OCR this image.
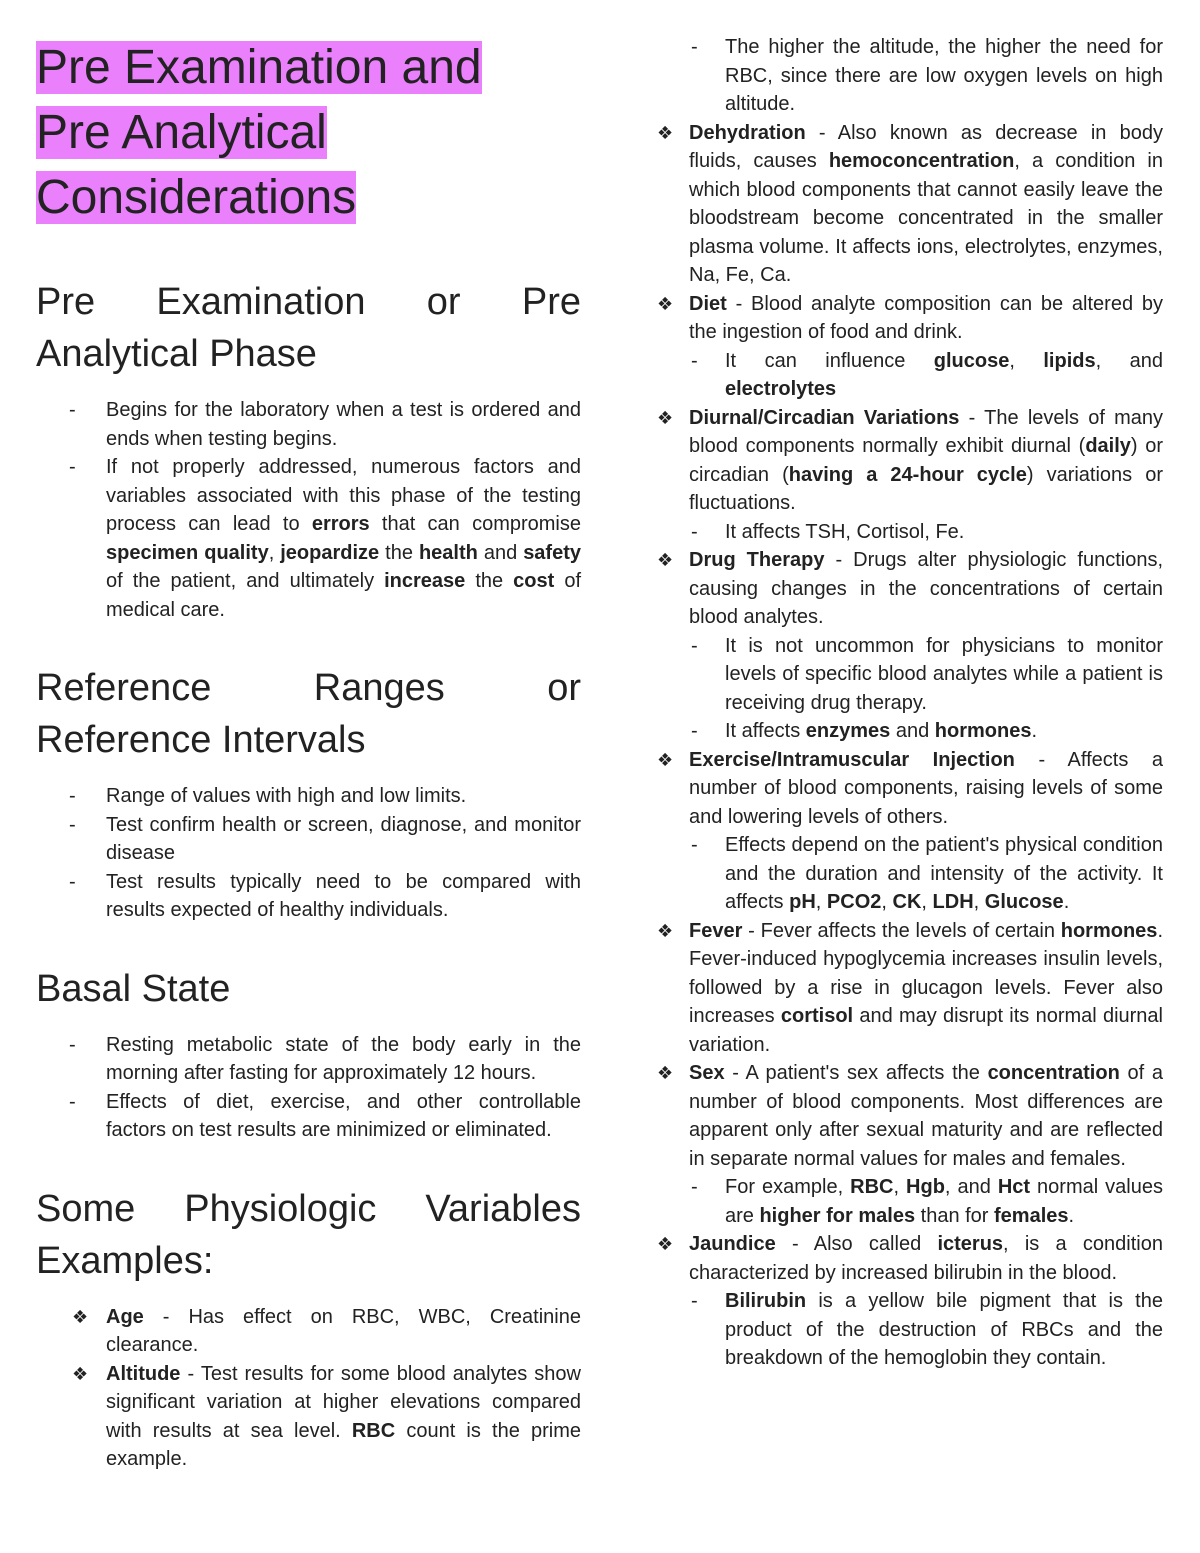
Pre Examination and
Pre Analytical
Considerations
Pre Examination or Pre
Analytical Phase
- Begins for the laboratory when a test is ordered and ends when testing begins.
- If not properly addressed, numerous factors and variables associated with this phase of the testing process can lead to errors that can compromise specimen quality, jeopardize the health and safety of the patient, and ultimately increase the cost of medical care.
Reference Ranges or
Reference Intervals
- Range of values with high and low limits.
- Test confirm health or screen, diagnose, and monitor disease
- Test results typically need to be compared with results expected of healthy individuals.
Basal State
- Resting metabolic state of the body early in the morning after fasting for approximately 12 hours.
- Effects of diet, exercise, and other controllable factors on test results are minimized or eliminated.
Some Physiologic Variables
Examples:
❖ Age - Has effect on RBC, WBC, Creatinine clearance.
❖ Altitude - Test results for some blood analytes show significant variation at higher elevations compared with results at sea level. RBC count is the prime example.
- The higher the altitude, the higher the need for RBC, since there are low oxygen levels on high altitude.
❖ Dehydration - Also known as decrease in body fluids, causes hemoconcentration, a condition in which blood components that cannot easily leave the bloodstream become concentrated in the smaller plasma volume. It affects ions, electrolytes, enzymes, Na, Fe, Ca.
❖ Diet - Blood analyte composition can be altered by the ingestion of food and drink.
- It can influence glucose, lipids, and electrolytes
❖ Diurnal/Circadian Variations - The levels of many blood components normally exhibit diurnal (daily) or circadian (having a 24-hour cycle) variations or fluctuations.
- It affects TSH, Cortisol, Fe.
❖ Drug Therapy - Drugs alter physiologic functions, causing changes in the concentrations of certain blood analytes.
- It is not uncommon for physicians to monitor levels of specific blood analytes while a patient is receiving drug therapy.
- It affects enzymes and hormones.
❖ Exercise/Intramuscular Injection - Affects a number of blood components, raising levels of some and lowering levels of others.
- Effects depend on the patient's physical condition and the duration and intensity of the activity. It affects pH, PCO2, CK, LDH, Glucose.
❖ Fever - Fever affects the levels of certain hormones. Fever-induced hypoglycemia increases insulin levels, followed by a rise in glucagon levels. Fever also increases cortisol and may disrupt its normal diurnal variation.
❖ Sex - A patient's sex affects the concentration of a number of blood components. Most differences are apparent only after sexual maturity and are reflected in separate normal values for males and females.
- For example, RBC, Hgb, and Hct normal values are higher for males than for females.
❖ Jaundice - Also called icterus, is a condition characterized by increased bilirubin in the blood.
- Bilirubin is a yellow bile pigment that is the product of the destruction of RBCs and the breakdown of the hemoglobin they contain.
